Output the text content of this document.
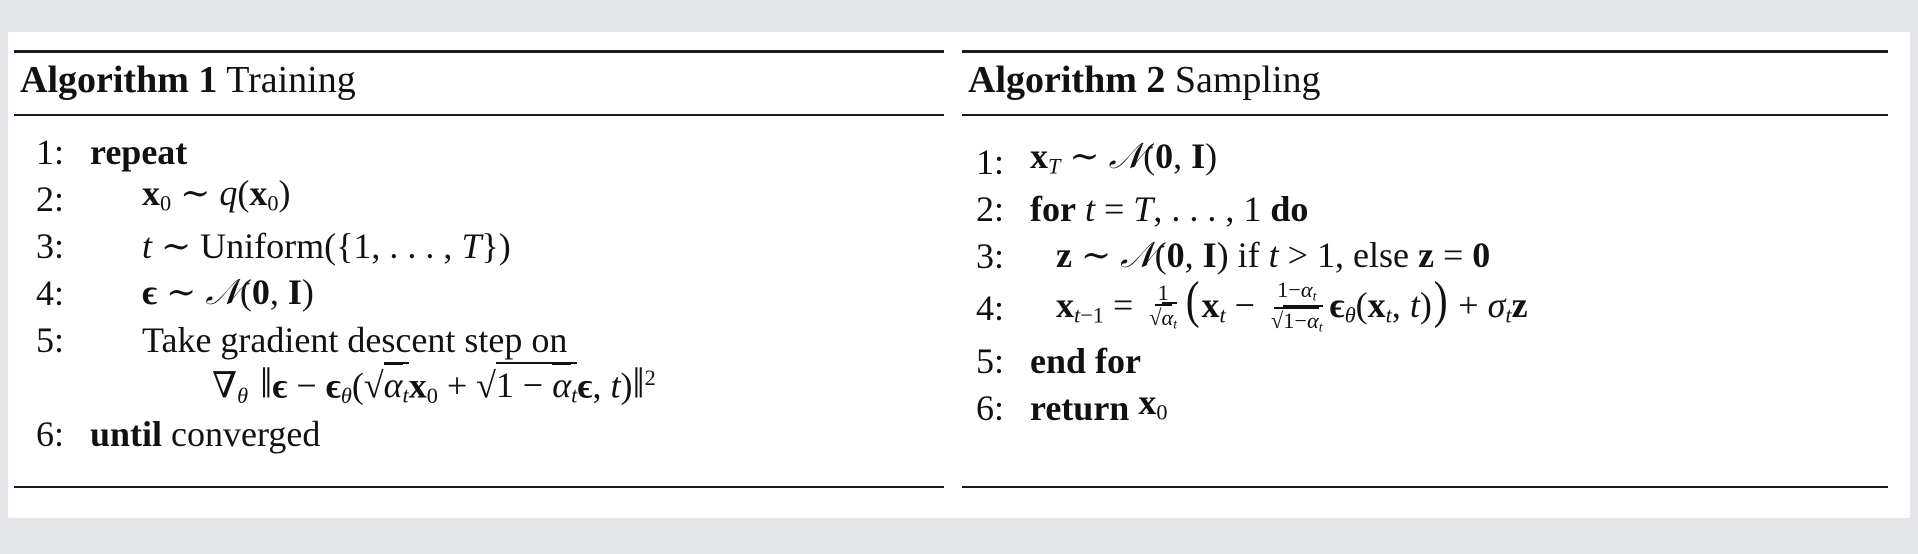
Algorithm 1 Training
1: repeat
2:	$x_0$ ∼ $q(x_0)$
3:	t ∼ Uniform({1, . . . , T})
4:	ϵ ∼ 𝒩(0, I)
5:	Take gradient descent step on
$\nabla_\theta$ ‖ϵ − $\epsilon_\theta(√\alpha_tx_0 + √1 - \alpha_t\epsilon$, t)‖$^2$
6: until
converged
Algorithm 2 Sampling
1: $x_T$ ∼ 𝒩(0, I)
2: for
t = T, . . . , 1
do
3:	z ∼ 𝒩(0, I) if t > 1, else z = 0
4:	$x_{t-1} = \frac{1}{√\alpha_t} (x_t - \frac{1-\alpha_t}{√1-\alpha_t} \epsilon_\theta(x_t$, $t)) + \sigma_tz$
5: end for
6: return
$x_0$
